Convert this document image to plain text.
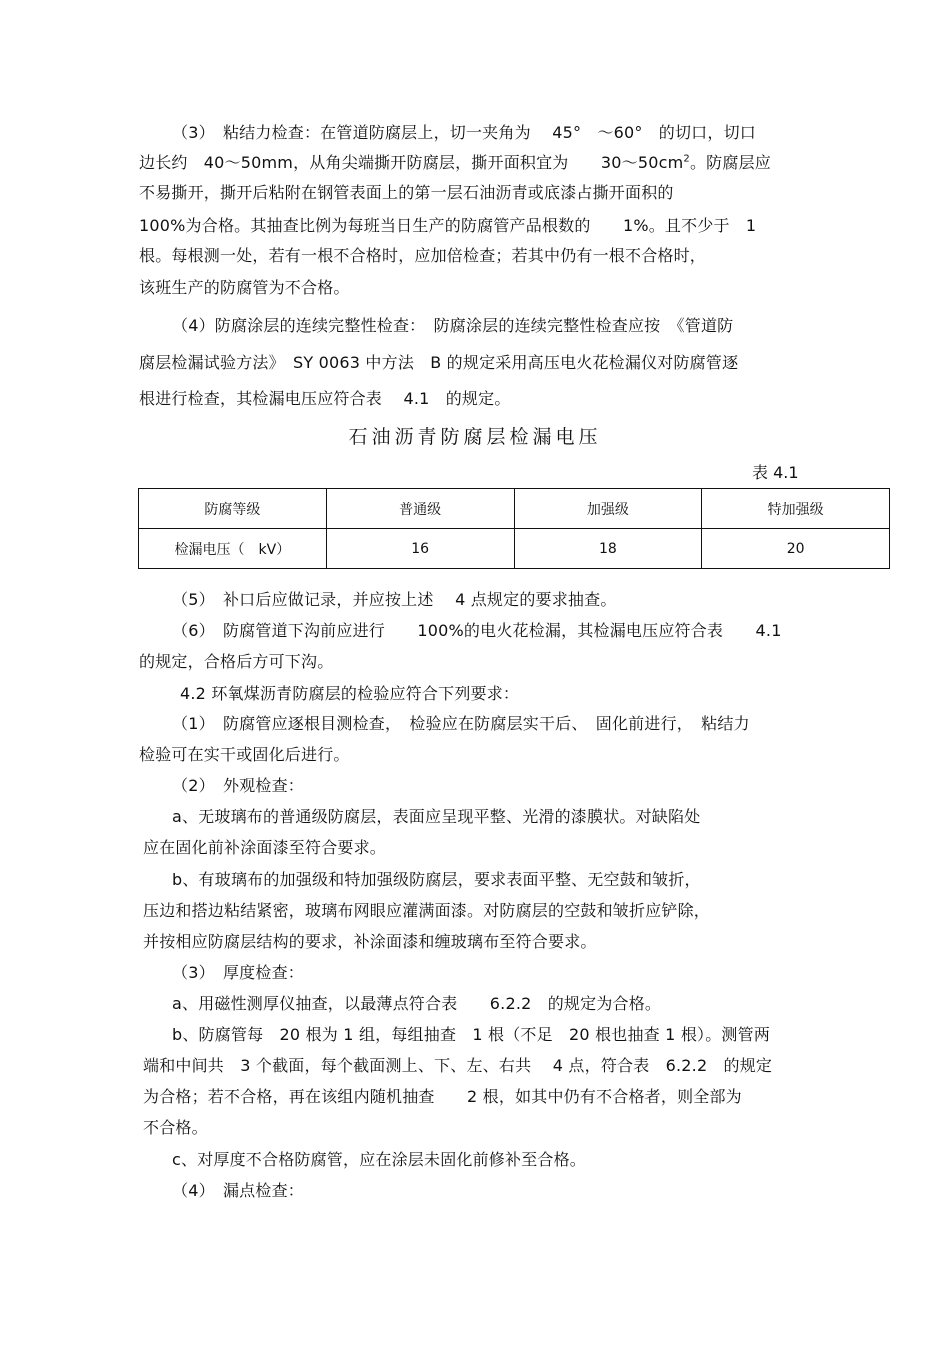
（3）　粘结力检查：在管道防腐层上，切一夹角为　 45°　～60°　的切口，切口
边长约　40～50mm，从角尖端撕开防腐层，撕开面积宜为　　$30\sim 50cm^2$。防腐层应
不易撕开，撕开后粘附在钢管表面上的第一层石油沥青或底漆占撕开面积的
100%为合格。其抽查比例为每班当日生产的防腐管产品根数的　　1%。且不少于　1
根。每根测一处，若有一根不合格时，应加倍检查；若其中仍有一根不合格时，
该班生产的防腐管为不合格。
（4）防腐涂层的连续完整性检查：　防腐涂层的连续完整性检查应按　《管道防
腐层检漏试验方法》　SY 0063 中方法　B 的规定采用高压电火花检漏仪对防腐管逐
根进行检查，其检漏电压应符合表　 4.1　的规定。
石油沥青防腐层检漏电压
表 4.1
防腐等级	普通级	加强级	特加强级
检漏电压（　kV）	16	18	20
（5）　补口后应做记录，并应按上述　 4 点规定的要求抽查。
（6）　防腐管道下沟前应进行　　100%的电火花检漏，其检漏电压应符合表　　4.1
的规定，合格后方可下沟。
4.2 环氧煤沥青防腐层的检验应符合下列要求：
（1）　防腐管应逐根目测检查，　检验应在防腐层实干后、　固化前进行，　粘结力
检验可在实干或固化后进行。
（2）　外观检查：
a、无玻璃布的普通级防腐层，表面应呈现平整、光滑的漆膜状。对缺陷处
应在固化前补涂面漆至符合要求。
b、有玻璃布的加强级和特加强级防腐层，要求表面平整、无空鼓和皱折，
压边和搭边粘结紧密，玻璃布网眼应灌满面漆。对防腐层的空鼓和皱折应铲除，
并按相应防腐层结构的要求，补涂面漆和缠玻璃布至符合要求。
（3）　厚度检查：
a、用磁性测厚仪抽查，以最薄点符合表　　6.2.2　的规定为合格。
b、防腐管每　20 根为 1 组，每组抽查　1 根（不足　20 根也抽查 1 根）。测管两
端和中间共　3 个截面，每个截面测上、下、左、右共　 4 点，符合表　6.2.2　的规定
为合格；若不合格，再在该组内随机抽查　　2 根，如其中仍有不合格者，则全部为
不合格。
c、对厚度不合格防腐管，应在涂层未固化前修补至合格。
（4）　漏点检查：
